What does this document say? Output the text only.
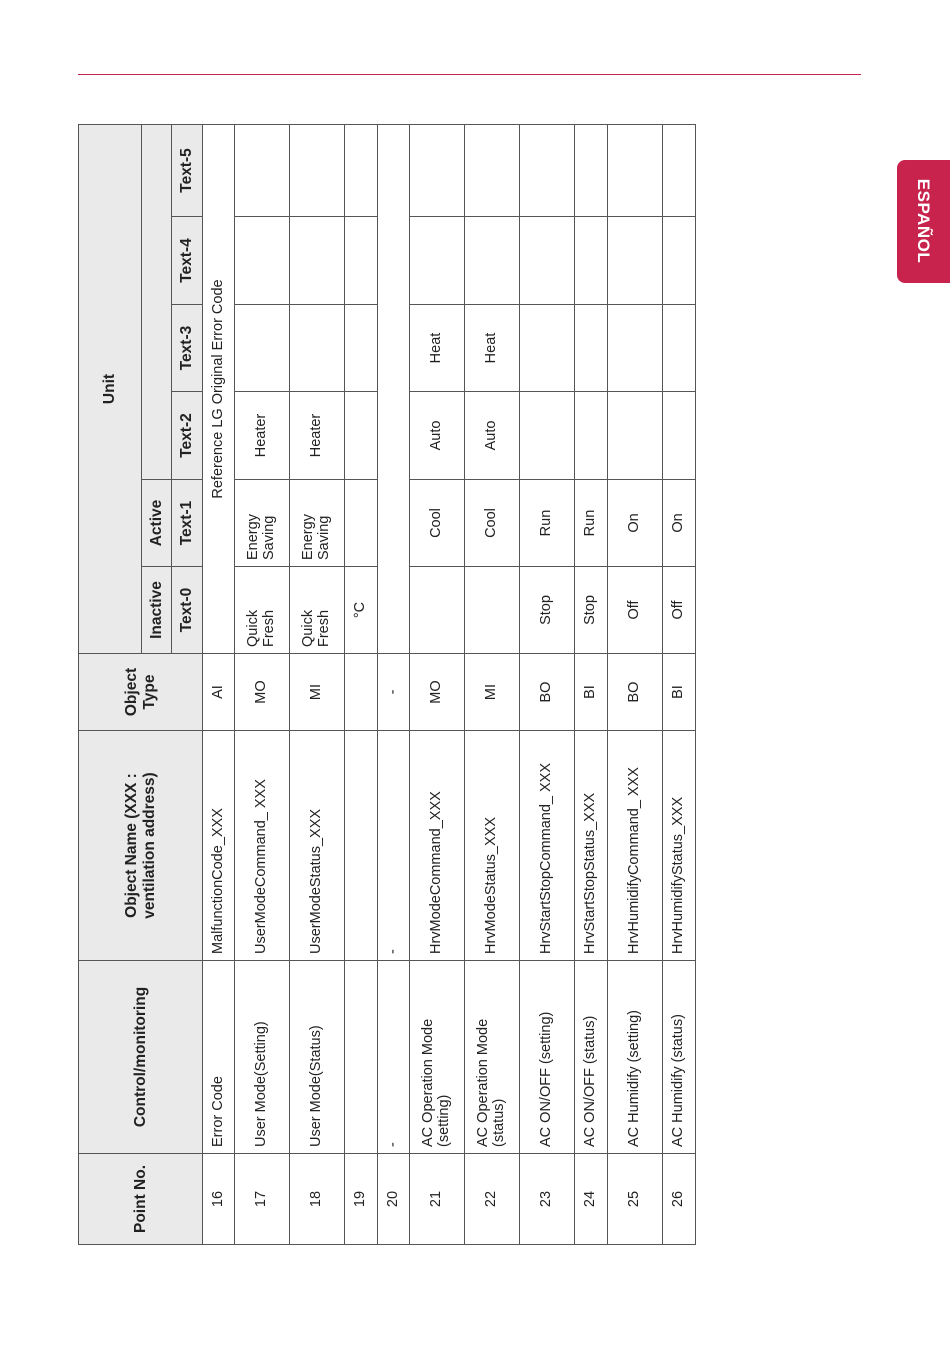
ESPAÑOL
Point No.	Control/monitoring	Object Name (XXX : ventilation address)	Object Type	Unit					
				Inactive	Active				
				Text-0	Text-1	Text-2	Text-3	Text-4	Text-5
16	Error Code	MalfunctionCode_XXX	AI	Reference LG Original Error Code					
17	User Mode(Setting)	UserModeCommand_ XXX	MO	Quick Fresh	Energy Saving	Heater			
18	User Mode(Status)	UserModeStatus_XXX	MI	Quick Fresh	Energy Saving	Heater			
19				°C					
20	-	-	-						
21	AC Operation Mode (setting)	HrvModeCommand_XXX	MO		Cool	Auto	Heat		
22	AC Operation Mode (status)	HrvModeStatus_XXX	MI		Cool	Auto	Heat		
23	AC ON/OFF (setting)	HrvStartStopCommand_ XXX	BO	Stop	Run				
24	AC ON/OFF (status)	HrvStartStopStatus_XXX	BI	Stop	Run				
25	AC Humidify (setting)	HrvHumidifyCommand_ XXX	BO	Off	On				
26	AC Humidify (status)	HrvHumidifyStatus_XXX	BI	Off	On				
